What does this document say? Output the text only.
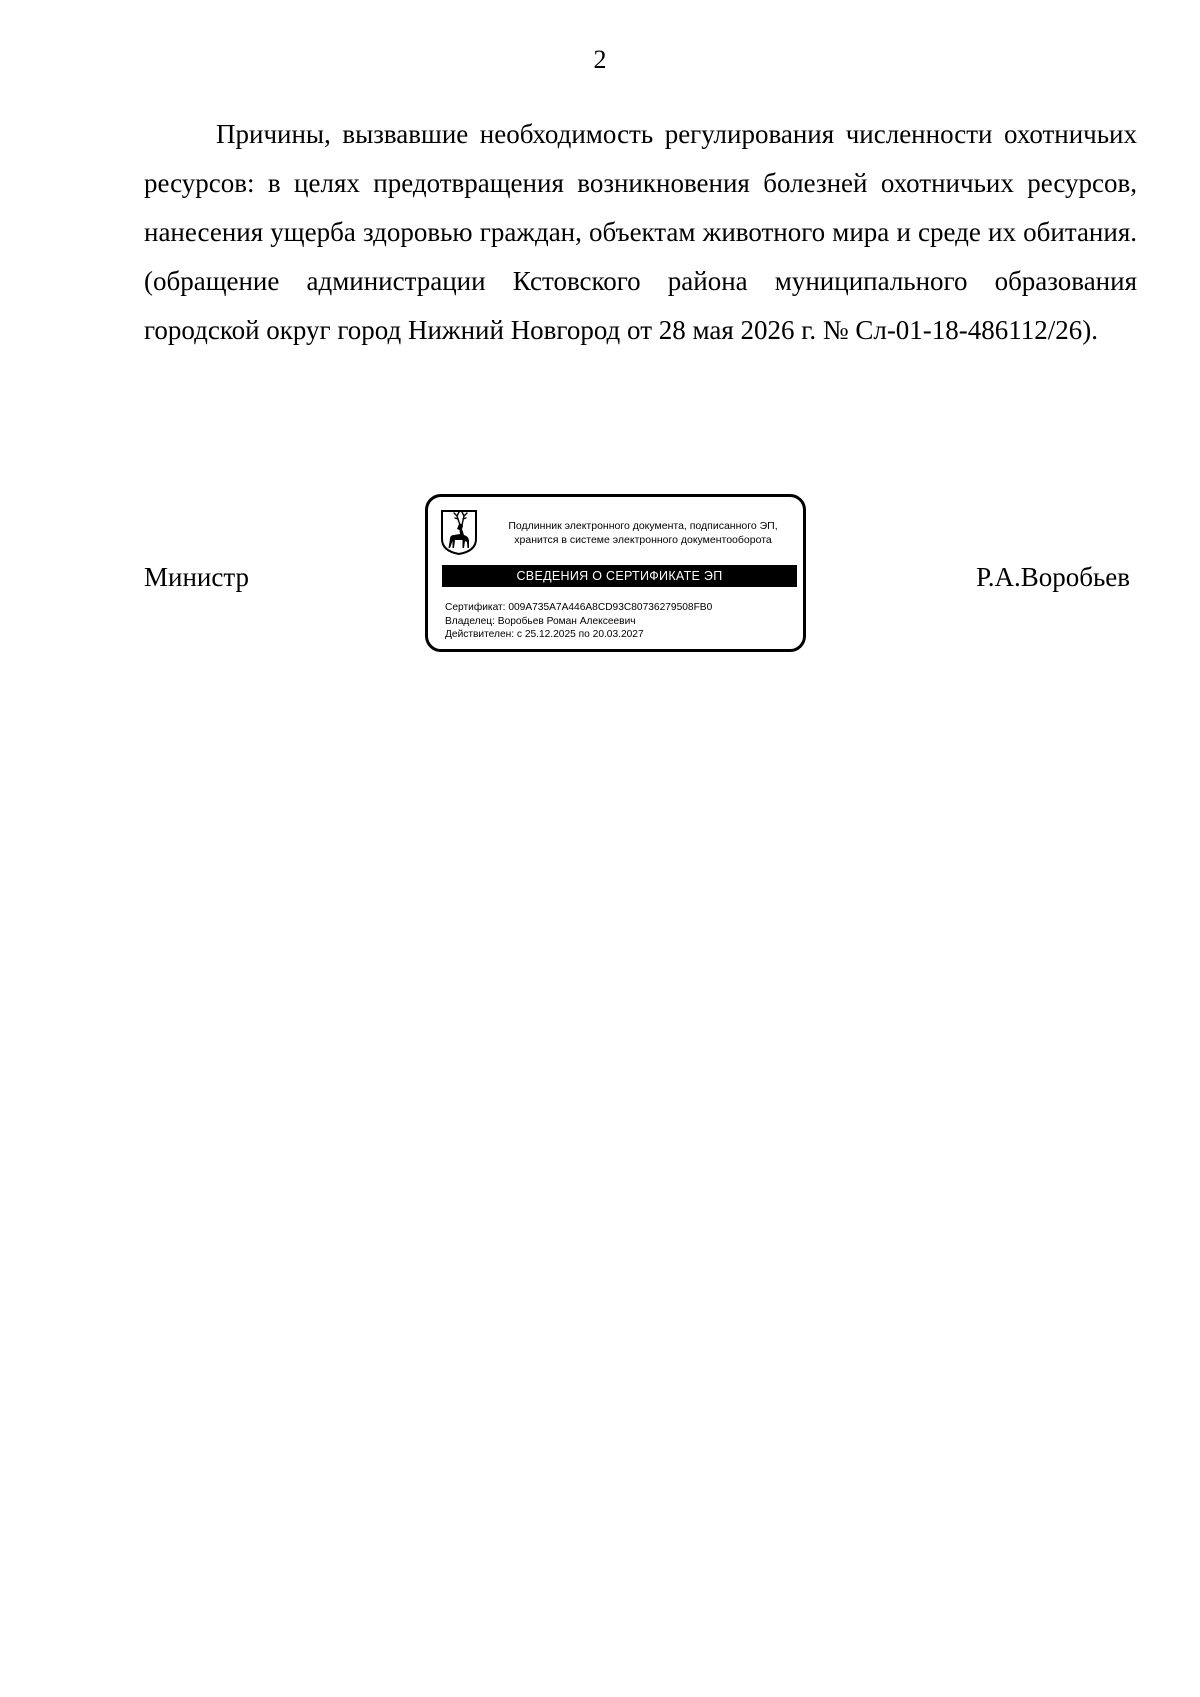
2

Причины, вызвавшие необходимость регулирования численности охотничьих ресурсов: в целях предотвращения возникновения болезней охотничьих ресурсов, нанесения ущерба здоровью граждан, объектам животного мира и среде их обитания. (обращение администрации Кстовского района муниципального образования городской округ город Нижний Новгород от 28 мая 2026 г. № Сл-01-18-486112/26).

Министр
Подлинник электронного документа, подписанного ЭП,
хранится в системе электронного документооборота
СВЕДЕНИЯ О СЕРТИФИКАТЕ ЭП
Сертификат: 009A735A7A446A8CD93C80736279508FB0
Владелец: Воробьев Роман Алексеевич
Действителен: с 25.12.2025 по 20.03.2027
Р.А.Воробьев
